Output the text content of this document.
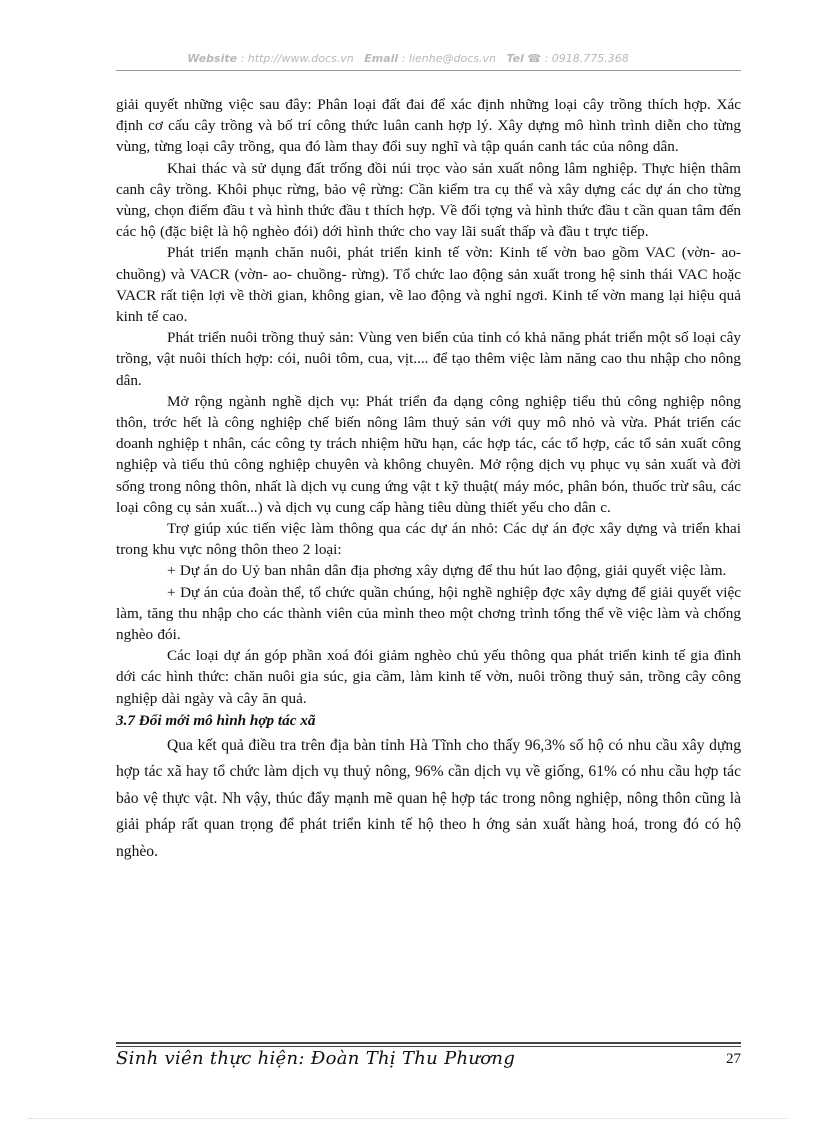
Website : http://www.docs.vn Email : lienhe@docs.vn Tel ☎ : 0918.775.368

giải quyết những việc sau đây: Phân loại đất đai để xác định những loại cây trồng thích hợp. Xác định cơ cấu cây trồng và bố trí công thức luân canh hợp lý. Xây dựng mô hình trình diễn cho từng vùng, từng loại cây trồng, qua đó làm thay đổi suy nghĩ và tập quán canh tác của nông dân.

Khai thác và sử dụng đất trống đồi núi trọc vào sản xuất nông lâm nghiệp. Thực hiện thâm canh cây trồng. Khôi phục rừng, bảo vệ rừng: Cần kiểm tra cụ thể và xây dựng các dự án cho từng vùng, chọn điểm đầu t và hình thức đầu t thích hợp. Về đối tợng và hình thức đầu t cần quan tâm đến các hộ (đặc biệt là hộ nghèo đói) dới hình thức cho vay lãi suất thấp và đầu t trực tiếp.

Phát triển mạnh chăn nuôi, phát triển kinh tế vờn: Kinh tế vờn bao gồm VAC (vờn- ao- chuồng) và VACR (vờn- ao- chuồng- rừng). Tổ chức lao động sản xuất trong hệ sinh thái VAC hoặc VACR rất tiện lợi về thời gian, không gian, về lao động và nghỉ ngơi. Kinh tế vờn mang lại hiệu quả kinh tế cao.

Phát triển nuôi trồng thuỷ sản: Vùng ven biển của tỉnh có khả năng phát triển một số loại cây trồng, vật nuôi thích hợp: cói, nuôi tôm, cua, vịt.... để tạo thêm việc làm năng cao thu nhập cho nông dân.

Mở rộng ngành nghề dịch vụ: Phát triển đa dạng công nghiệp tiểu thủ công nghiệp nông thôn, trớc hết là công nghiệp chế biến nông lâm thuỷ sản với quy mô nhỏ và vừa. Phát triển các doanh nghiệp t nhân, các công ty trách nhiệm hữu hạn, các hợp tác, các tổ hợp, các tổ sản xuất công nghiệp và tiểu thủ công nghiệp chuyên và không chuyên. Mở rộng dịch vụ phục vụ sản xuất và đời sống trong nông thôn, nhất là dịch vụ cung ứng vật t kỹ thuật( máy móc, phân bón, thuốc trừ sâu, các loại công cụ sản xuất...) và dịch vụ cung cấp hàng tiêu dùng thiết yếu cho dân c.

Trợ giúp xúc tiến việc làm thông qua các dự án nhỏ: Các dự án đợc xây dựng và triển khai trong khu vực nông thôn theo 2 loại:

+ Dự án do Uỷ ban nhân dân địa phơng xây dựng để thu hút lao động, giải quyết việc làm.

+ Dự án của đoàn thể, tổ chức quần chúng, hội nghề nghiệp đợc xây dựng để giải quyết việc làm, tăng thu nhập cho các thành viên của mình theo một chơng trình tổng thể về việc làm và chống nghèo đói.

Các loại dự án góp phần xoá đói giảm nghèo chủ yếu thông qua phát triển kinh tế gia đình dới các hình thức: chăn nuôi gia súc, gia cầm, làm kinh tế vờn, nuôi trồng thuỷ sản, trồng cây công nghiệp dài ngày và cây ăn quả.

3.7 Đổi mới mô hình hợp tác xã

Qua kết quả điều tra trên địa bàn tỉnh Hà Tĩnh cho thấy 96,3% số hộ có nhu cầu xây dựng hợp tác xã hay tổ chức làm dịch vụ thuỷ nông, 96% cần dịch vụ về giống, 61% có nhu cầu hợp tác bảo vệ thực vật. Nh vậy, thúc đẩy mạnh mẽ quan hệ hợp tác trong nông nghiệp, nông thôn cũng là giải pháp rất quan trọng để phát triển kinh tế hộ theo h ớng sản xuất hàng hoá, trong đó có hộ nghèo.

Sinh viên thực hiện: Đoàn Thị Thu Phương	27
